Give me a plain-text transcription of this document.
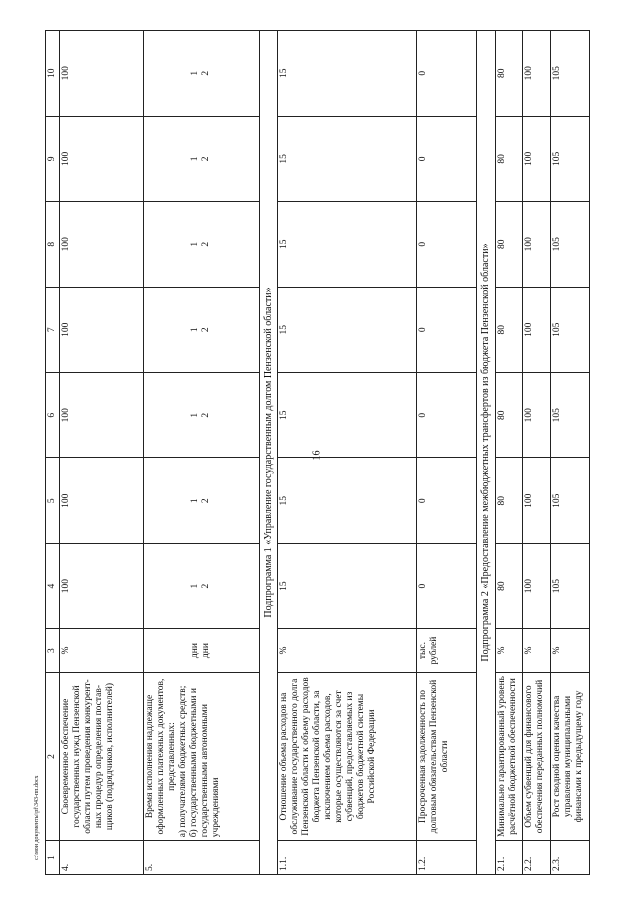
16
c:\мои документы\pf\343-пп.docx 1	2	3	4	5	6	7	8	9	10
4.	Своевременное обеспечение государственных нужд Пензенской области путем проведения конкурент-ных процедур определения постав-щиков (подрядчиков, исполнителей)	%	100	100	100	100	100	100	100
5.	Время исполнения надлежаще оформленных платежных документов, представленных: а) получателями бюджетных средств; б) государственными бюджетными и государственными автономными учреждениями	дни дни	1 2	1 2	1 2	1 2	1 2	1 2	1 2

Подпрограмма 1 «Управление государственным долгом Пензенской области»									
1.1.	Отношение объема расходов на обслуживание государственного долга Пензенской области к объему расходов бюджета Пензенской области, за исключением объема расходов, которые осуществляются за счет субвенций, предоставляемых из бюджетов бюджетной системы Российской Федерации	%	15	15	15	15	15	15	15
1.2.	Просроченная задолженность по долговым обязательствам Пензенской области	тыс. рублей	0	0	0	0	0	0	0
Подпрограмма 2 «Предоставление межбюджетных трансфертов из бюджета Пензенской области»									
2.1.	Минимально гарантированный уровень расчётной бюджетной обеспеченности	%	80	80	80	80	80	80	80
2.2.	Объем субвенций для финансового обеспечения переданных полномочий	%	100	100	100	100	100	100	100
2.3.	Рост сводной оценки качества управления муниципальными финансами к предыдущему году	%	105	105	105	105	105	105	105
